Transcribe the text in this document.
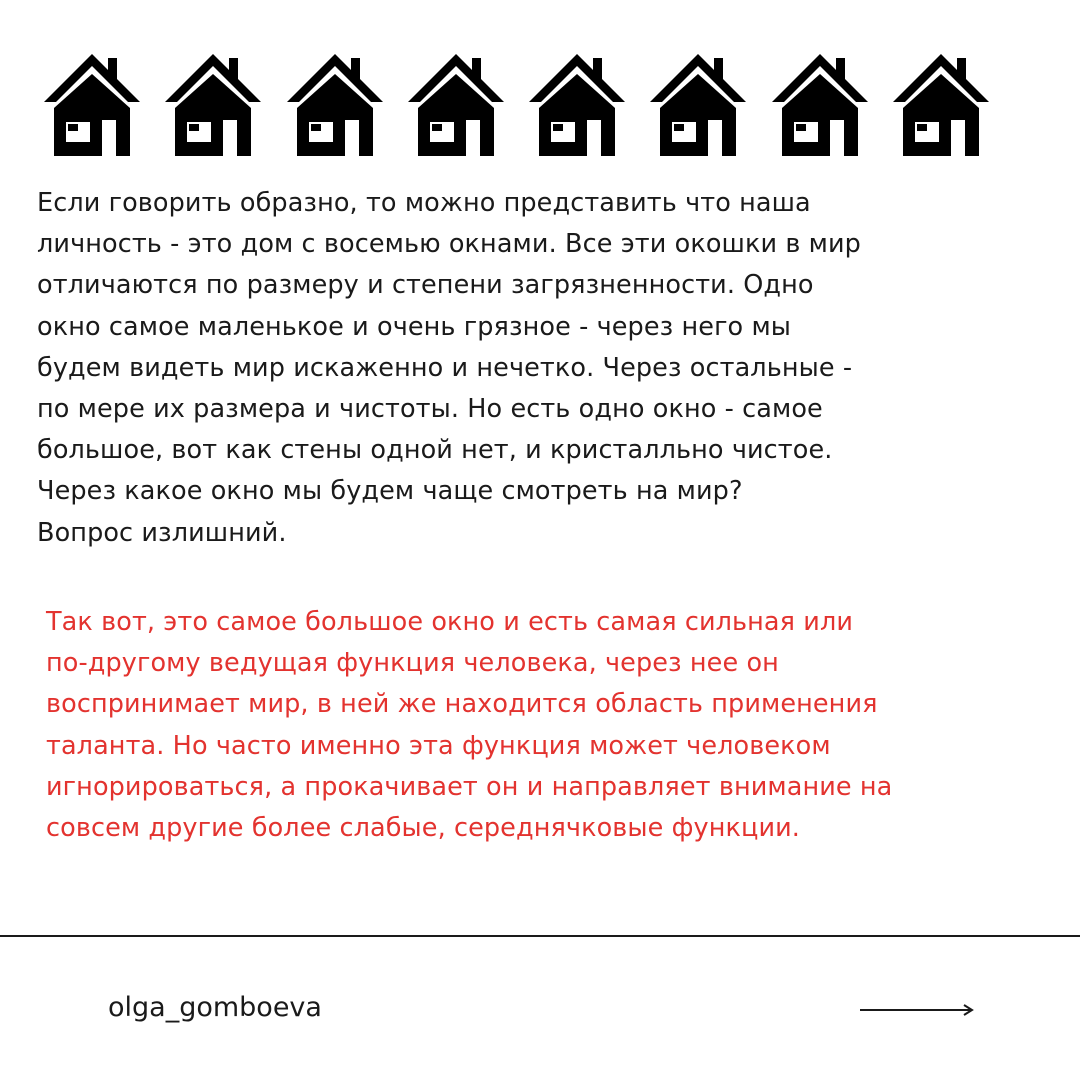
Если говорить образно, то можно представить что наша
личность - это дом с восемью окнами. Все эти окошки в мир
отличаются по размеру и степени загрязненности. Одно
окно самое маленькое и очень грязное - через него мы
будем видеть мир искаженно и нечетко. Через остальные -
по мере их размера и чистоты. Но есть одно окно - самое
большое, вот как стены одной нет, и кристалльно чистое.
Через какое окно мы будем чаще смотреть на мир?
Вопрос излишний.

Так вот, это самое большое окно и есть самая сильная или
по-другому ведущая функция человека, через нее он
воспринимает мир, в ней же находится область применения
таланта. Но часто именно эта функция может человеком
игнорироваться, а прокачивает он и направляет внимание на
совсем другие более слабые, середнячковые функции.

olga_gomboeva
